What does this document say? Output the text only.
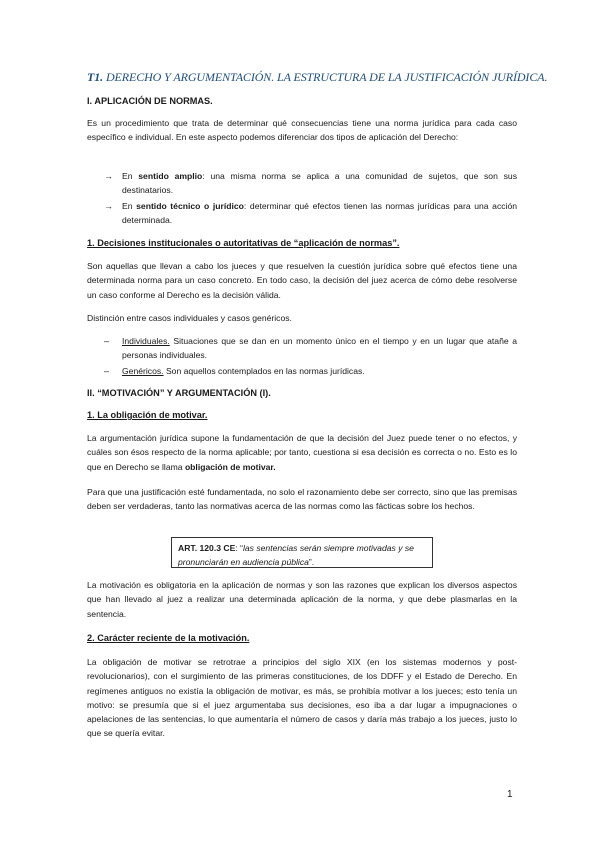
T1. DERECHO Y ARGUMENTACIÓN. LA ESTRUCTURA DE LA JUSTIFICACIÓN JURÍDICA.
I. APLICACIÓN DE NORMAS.
Es un procedimiento que trata de determinar qué consecuencias tiene una norma jurídica para cada caso específico e individual. En este aspecto podemos diferenciar dos tipos de aplicación del Derecho:
→ En sentido amplio: una misma norma se aplica a una comunidad de sujetos, que son sus destinatarios.
→ En sentido técnico o jurídico: determinar qué efectos tienen las normas jurídicas para una acción determinada.
1. Decisiones institucionales o autoritativas de “aplicación de normas”.
Son aquellas que llevan a cabo los jueces y que resuelven la cuestión jurídica sobre qué efectos tiene una determinada norma para un caso concreto. En todo caso, la decisión del juez acerca de cómo debe resolverse un caso conforme al Derecho es la decisión válida.
Distinción entre casos individuales y casos genéricos.
– Individuales. Situaciones que se dan en un momento único en el tiempo y en un lugar que atañe a personas individuales.
– Genéricos. Son aquellos contemplados en las normas jurídicas.
II. “MOTIVACIÓN” Y ARGUMENTACIÓN (I).
1. La obligación de motivar.
La argumentación jurídica supone la fundamentación de que la decisión del Juez puede tener o no efectos, y cuáles son ésos respecto de la norma aplicable; por tanto, cuestiona si esa decisión es correcta o no. Esto es lo que en Derecho se llama obligación de motivar.
Para que una justificación esté fundamentada, no solo el razonamiento debe ser correcto, sino que las premisas deben ser verdaderas, tanto las normativas acerca de las normas como las fácticas sobre los hechos.
ART. 120.3 CE: “las sentencias serán siempre motivadas y se pronunciarán en audiencia pública”.
La motivación es obligatoria en la aplicación de normas y son las razones que explican los diversos aspectos que han llevado al juez a realizar una determinada aplicación de la norma, y que debe plasmarlas en la sentencia.
2. Carácter reciente de la motivación.
La obligación de motivar se retrotrae a principios del siglo XIX (en los sistemas modernos y post-revolucionarios), con el surgimiento de las primeras constituciones, de los DDFF y el Estado de Derecho. En regímenes antiguos no existía la obligación de motivar, es más, se prohibía motivar a los jueces; esto tenía un motivo: se presumía que si el juez argumentaba sus decisiones, eso iba a dar lugar a impugnaciones o apelaciones de las sentencias, lo que aumentaría el número de casos y daría más trabajo a los jueces, justo lo que se quería evitar.
1
